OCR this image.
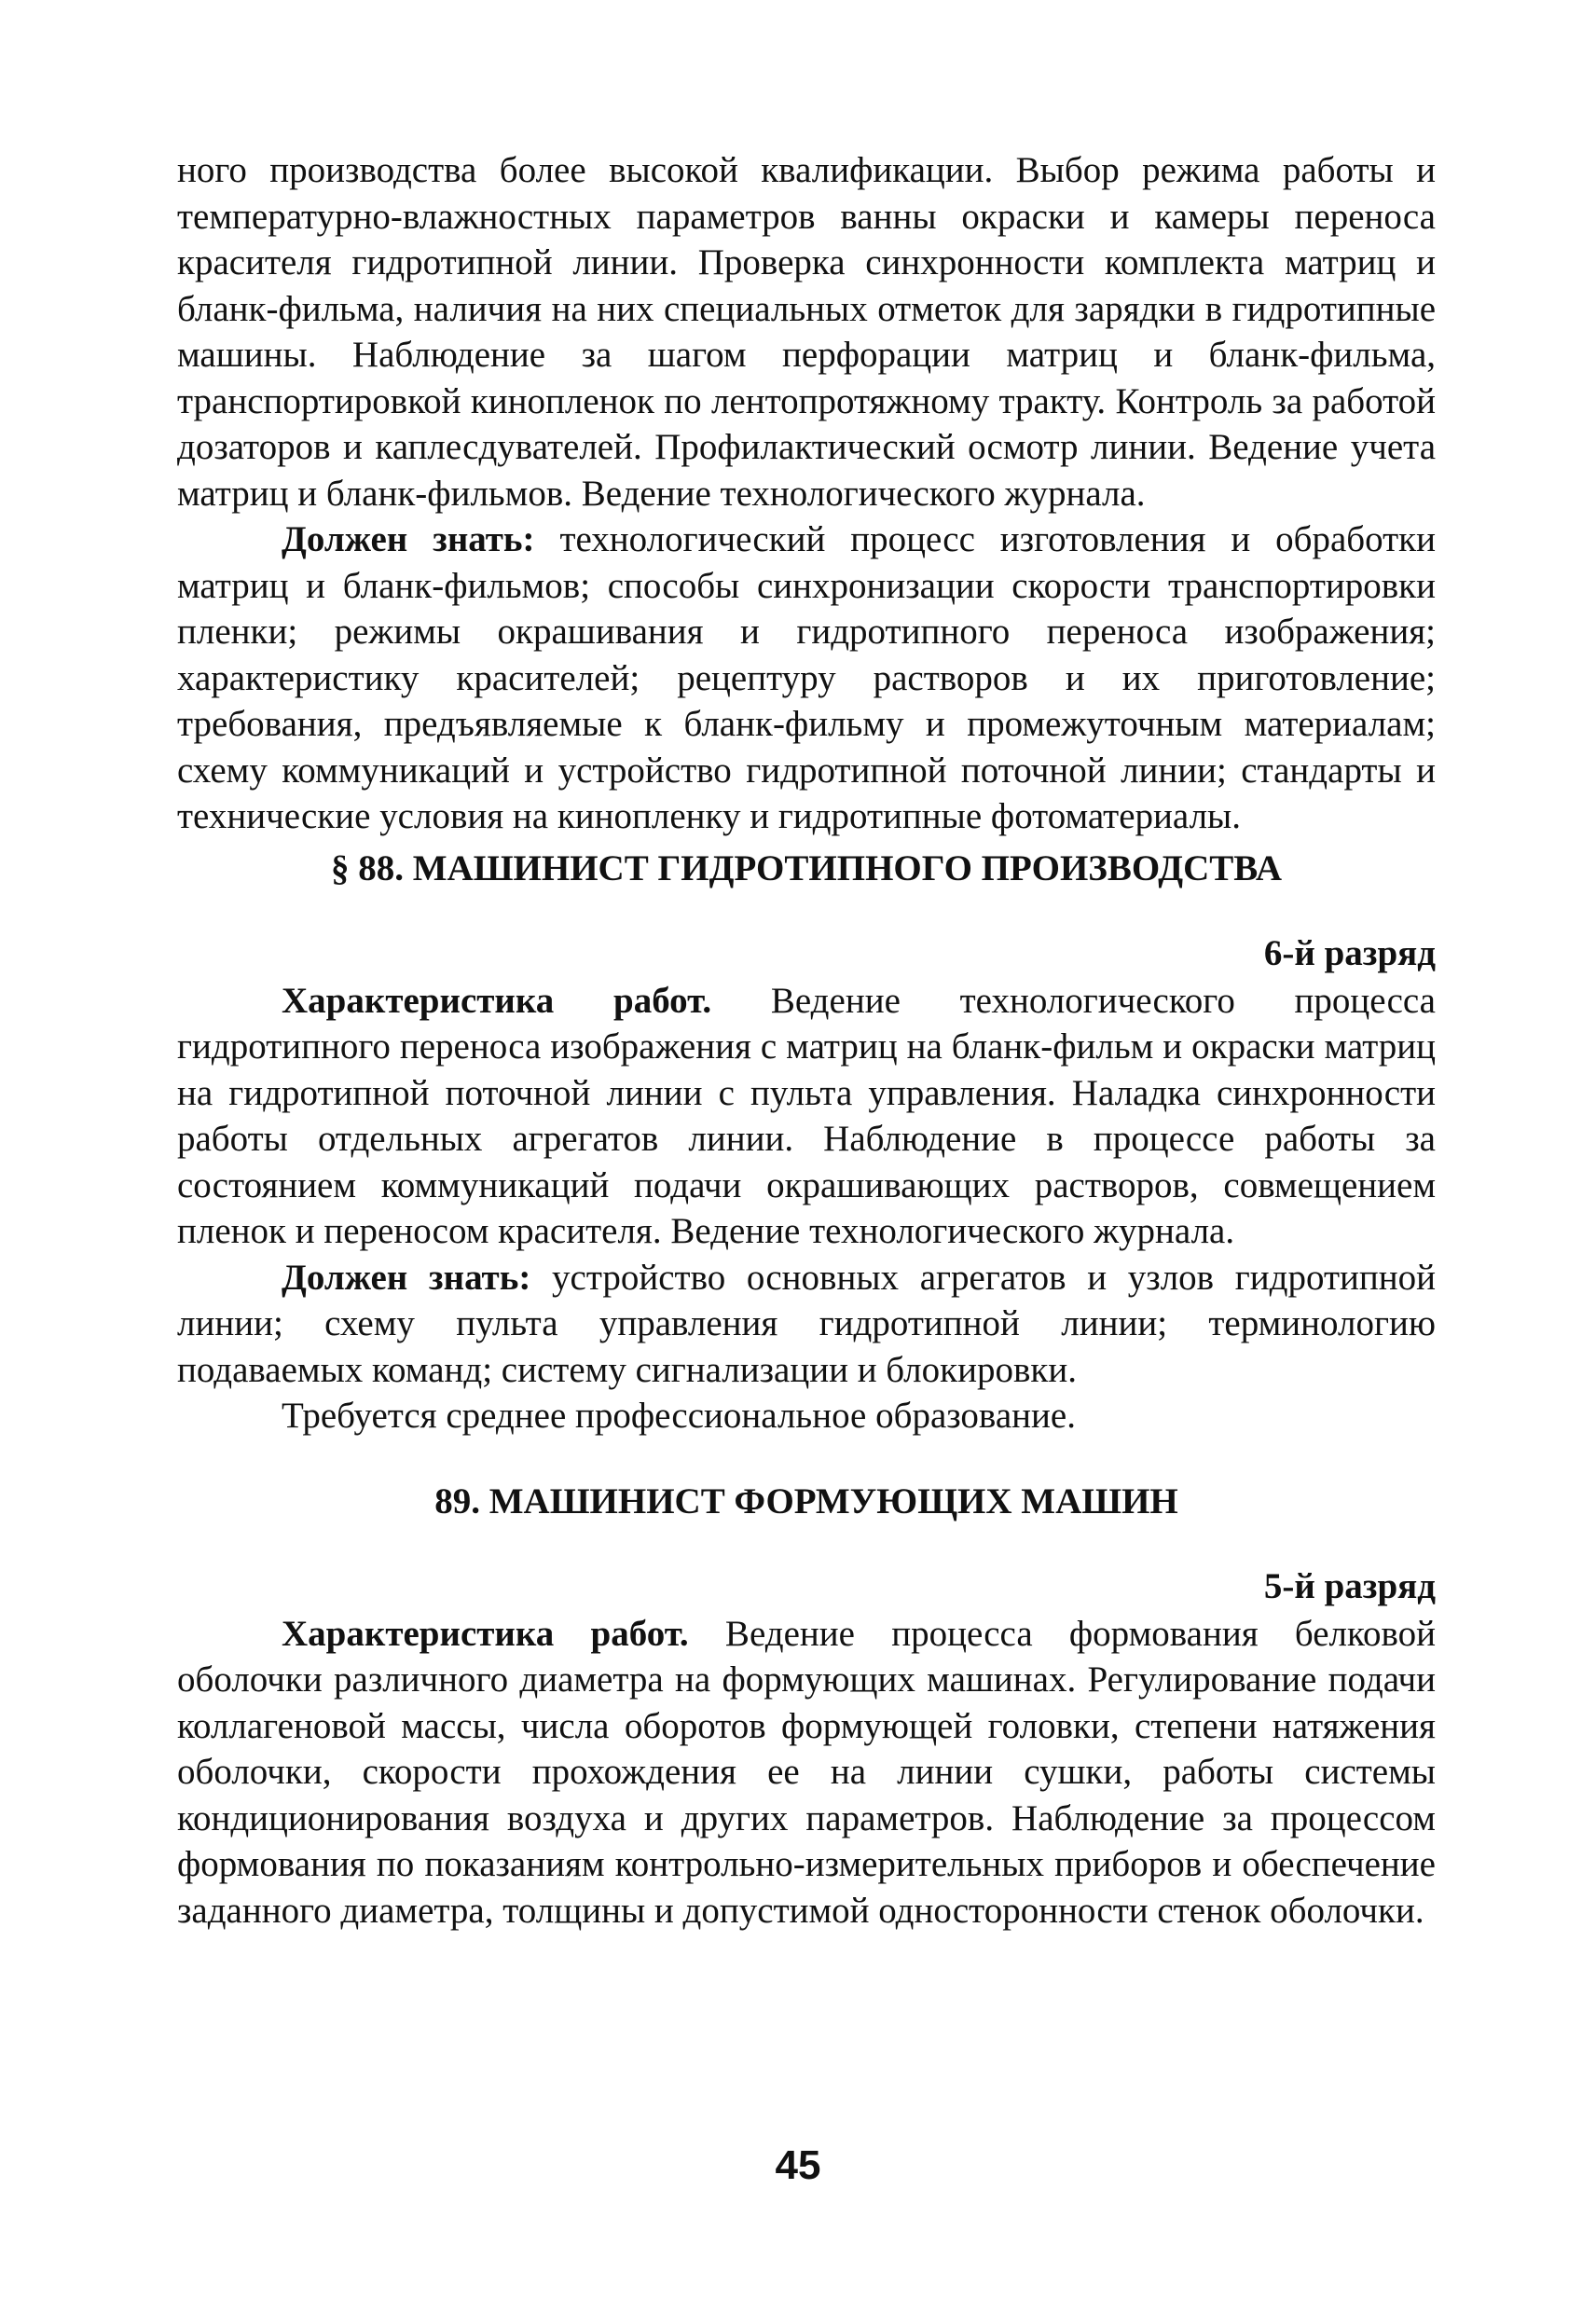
ного производства более высокой квалификации. Выбор режима работы и температурно-влажностных параметров ванны окраски и камеры переноса красителя гидротипной линии. Проверка синхронности комплекта матриц и бланк-фильма, наличия на них специальных отметок для зарядки в гидротипные машины. Наблюдение за шагом перфорации матриц и бланк-фильма, транспортировкой кинопленок по лентопротяжному тракту. Контроль за работой дозаторов и каплесдувателей. Профилактический осмотр линии. Ведение учета матриц и бланк-фильмов. Ведение технологического журнала.

Должен знать: технологический процесс изготовления и обработки матриц и бланк-фильмов; способы синхронизации скорости транспортировки пленки; режимы окрашивания и гидротипного переноса изображения; характеристику красителей; рецептуру растворов и их приготовление; требования, предъявляемые к бланк-фильму и промежуточным материалам; схему коммуникаций и устройство гидротипной поточной линии; стандарты и технические условия на кинопленку и гидротипные фотоматериалы.

§ 88. МАШИНИСТ ГИДРОТИПНОГО ПРОИЗВОДСТВА

6-й разряд

Характеристика работ. Ведение технологического процесса гидротипного переноса изображения с матриц на бланк-фильм и окраски матриц на гидротипной поточной линии с пульта управления. Наладка синхронности работы отдельных агрегатов линии. Наблюдение в процессе работы за состоянием коммуникаций подачи окрашивающих растворов, совмещением пленок и переносом красителя. Ведение технологического журнала.

Должен знать: устройство основных агрегатов и узлов гидротипной линии; схему пульта управления гидротипной линии; терминологию подаваемых команд; систему сигнализации и блокировки.

Требуется среднее профессиональное образование.

89. МАШИНИСТ ФОРМУЮЩИХ МАШИН

5-й разряд

Характеристика работ. Ведение процесса формования белковой оболочки различного диаметра на формующих машинах. Регулирование подачи коллагеновой массы, числа оборотов формующей головки, степени натяжения оболочки, скорости прохождения ее на линии сушки, работы системы кондиционирования воздуха и других параметров. Наблюдение за процессом формования по показаниям контрольно-измерительных приборов и обеспечение заданного диаметра, толщины и допустимой односторонности стенок оболочки.

45
